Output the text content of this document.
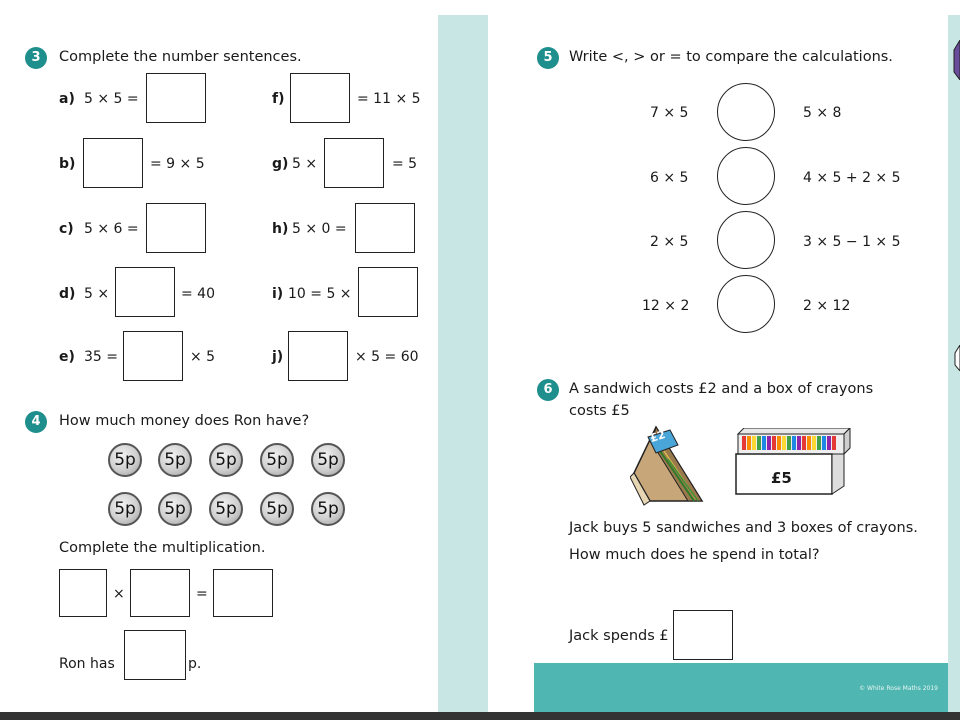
© White Rose Maths 2019
3	Complete the number sentences.
a) 5 × 5 =
b)	= 9 × 5
c) 5 × 6 =
d) 5 ×	= 40
e) 35 =	× 5
f)	= 11 × 5
g) 5 ×	= 5
h) 5 × 0 =
i) 10 = 5 ×
j)	× 5 = 60
4	How much money does Ron have?
5p	5p	5p	5p	5p
5p	5p	5p	5p	5p
Complete the multiplication.
×	=
Ron has	p.
5	Write <, > or = to compare the calculations.
7 × 5	5 × 8
6 × 5	4 × 5 + 2 × 5
2 × 5	3 × 5 − 1 × 5
12 × 2	2 × 12
6	A sandwich costs £2 and a box of crayons
costs £5
£2
£5
Jack buys 5 sandwiches and 3 boxes of crayons.
How much does he spend in total?
Jack spends £
